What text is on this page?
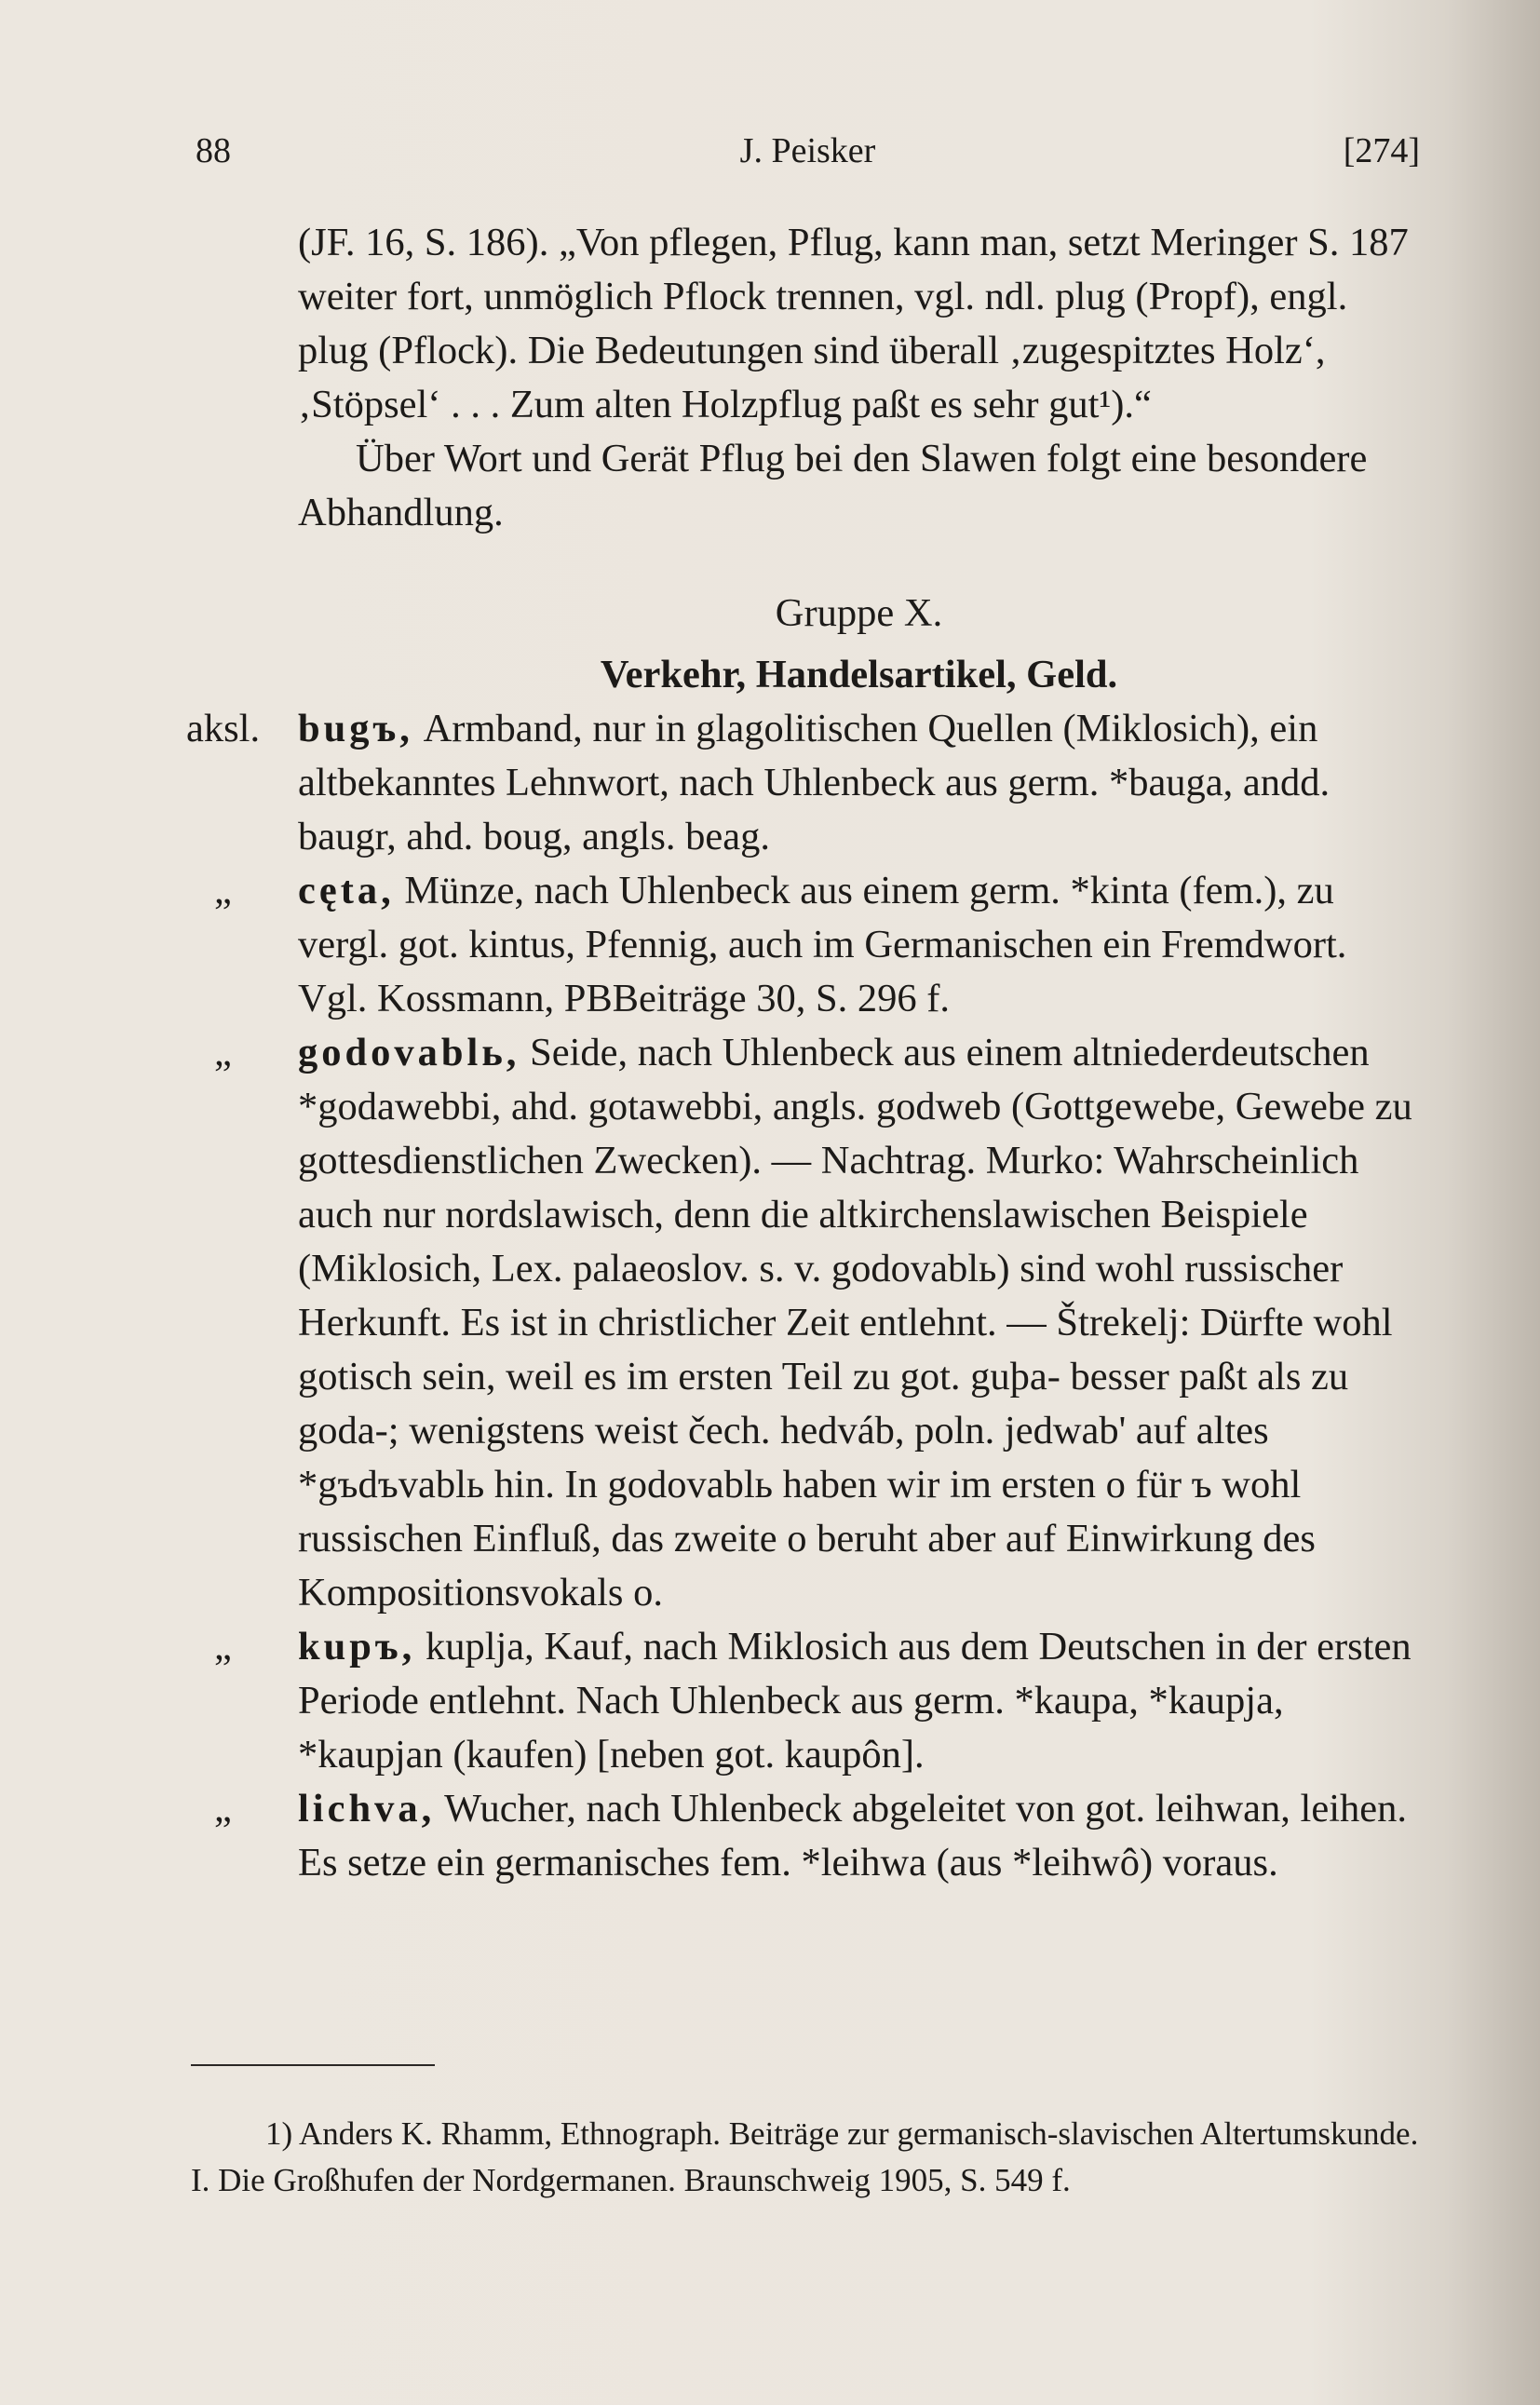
88	J. Peisker	[274]

(JF. 16, S. 186). „Von pflegen, Pflug, kann man, setzt Meringer S. 187 weiter fort, unmöglich Pflock trennen, vgl. ndl. plug (Propf), engl. plug (Pflock). Die Bedeutungen sind überall ‚zugespitztes Holz‘, ‚Stöpsel‘ . . . Zum alten Holzpflug paßt es sehr gut¹).“

Über Wort und Gerät Pflug bei den Slawen folgt eine besondere Abhandlung.

Gruppe X.

Verkehr, Handelsartikel, Geld.

aksl. bugъ, Armband, nur in glagolitischen Quellen (Miklosich), ein altbekanntes Lehnwort, nach Uhlenbeck aus germ. *bauga, andd. baugr, ahd. boug, angls. beag.

„ cęta, Münze, nach Uhlenbeck aus einem germ. *kinta (fem.), zu vergl. got. kintus, Pfennig, auch im Germanischen ein Fremdwort. Vgl. Kossmann, PBBeiträge 30, S. 296 f.

„ godovablь, Seide, nach Uhlenbeck aus einem altniederdeutschen *godawebbi, ahd. gotawebbi, angls. godweb (Gottgewebe, Gewebe zu gottesdienstlichen Zwecken). — Nachtrag. Murko: Wahrscheinlich auch nur nordslawisch, denn die altkirchenslawischen Beispiele (Miklosich, Lex. palaeoslov. s. v. godovablь) sind wohl russischer Herkunft. Es ist in christlicher Zeit entlehnt. — Štrekelj: Dürfte wohl gotisch sein, weil es im ersten Teil zu got. guþa- besser paßt als zu goda-; wenigstens weist čech. hedváb, poln. jedwab' auf altes *gъdъvablь hin. In godovablь haben wir im ersten o für ъ wohl russischen Einfluß, das zweite o beruht aber auf Einwirkung des Kompositionsvokals o.

„ kupъ, kuplja, Kauf, nach Miklosich aus dem Deutschen in der ersten Periode entlehnt. Nach Uhlenbeck aus germ. *kaupa, *kaupja, *kaupjan (kaufen) [neben got. kaupôn].

„ lichva, Wucher, nach Uhlenbeck abgeleitet von got. leihwan, leihen. Es setze ein germanisches fem. *leihwa (aus *leihwô) voraus.

1) Anders K. Rhamm, Ethnograph. Beiträge zur germanisch-slavischen Altertumskunde. I. Die Großhufen der Nordgermanen. Braunschweig 1905, S. 549 f.
